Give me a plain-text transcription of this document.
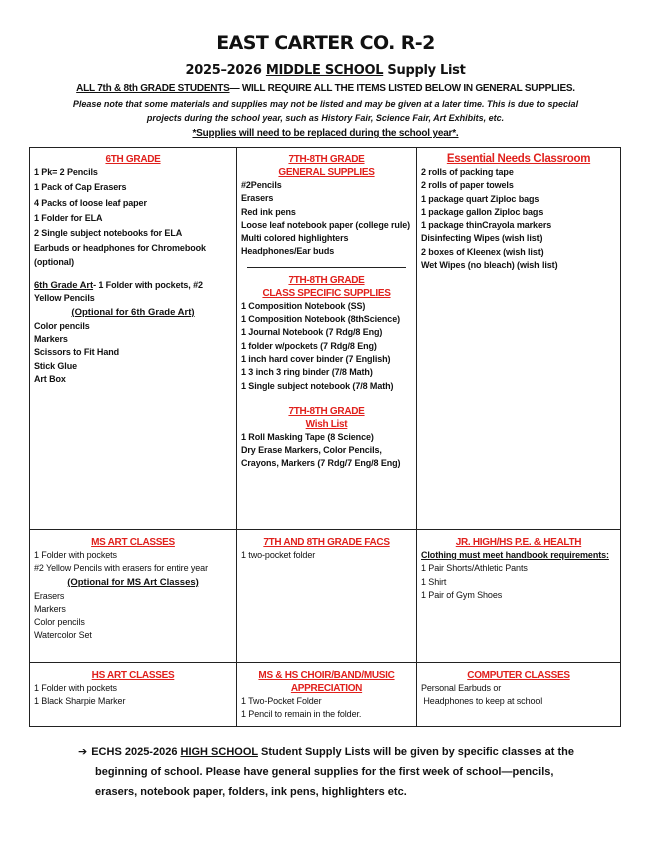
EAST CARTER CO. R-2
2025–2026 MIDDLE SCHOOL Supply List
ALL 7th & 8th GRADE STUDENTS— WILL REQUIRE ALL THE ITEMS LISTED BELOW IN GENERAL SUPPLIES.
Please note that some materials and supplies may not be listed and may be given at a later time. This is due to special projects during the school year, such as History Fair, Science Fair, Art Exhibits, etc.
*Supplies will need to be replaced during the school year*.
6TH GRADE
1 Pk= 2 Pencils
1 Pack of Cap Erasers
4 Packs of loose leaf paper
1 Folder for ELA
2 Single subject notebooks for ELA
Earbuds or headphones for Chromebook (optional)
6th Grade Art- 1 Folder with pockets, #2 Yellow Pencils
(Optional for 6th Grade Art)
Color pencils
Markers
Scissors to Fit Hand
Stick Glue
Art Box
7TH-8TH GRADE
GENERAL SUPPLIES
#2Pencils
Erasers
Red ink pens
Loose leaf notebook paper (college rule)
Multi colored highlighters
Headphones/Ear buds
7TH-8TH GRADE
CLASS SPECIFIC SUPPLIES
1 Composition Notebook (SS)
1 Composition Notebook (8thScience)
1 Journal Notebook (7 Rdg/8 Eng)
1 folder w/pockets (7 Rdg/8 Eng)
1 inch hard cover binder (7 English)
1 3 inch 3 ring binder (7/8 Math)
1 Single subject notebook (7/8 Math)
7TH-8TH GRADE
Wish List
1 Roll Masking Tape (8 Science)
Dry Erase Markers, Color Pencils, Crayons, Markers (7 Rdg/7 Eng/8 Eng)
Essential Needs Classroom
2 rolls of packing tape
2 rolls of paper towels
1 package quart Ziploc bags
1 package gallon Ziploc bags
1 package thinCrayola markers
Disinfecting Wipes (wish list)
2 boxes of Kleenex (wish list)
Wet Wipes (no bleach) (wish list)
MS ART CLASSES
1 Folder with pockets
#2 Yellow Pencils with erasers for entire year
(Optional for MS Art Classes)
Erasers
Markers
Color pencils
Watercolor Set
7TH AND 8TH GRADE FACS
1 two-pocket folder
JR. HIGH/HS P.E. & HEALTH
Clothing must meet handbook requirements:
1 Pair Shorts/Athletic Pants
1 Shirt
1 Pair of Gym Shoes
HS ART CLASSES
1 Folder with pockets
1 Black Sharpie Marker
MS & HS CHOIR/BAND/MUSIC
APPRECIATION
1 Two-Pocket Folder
1 Pencil to remain in the folder.
COMPUTER CLASSES
Personal Earbuds or
Headphones to keep at school
➔ ECHS 2025-2026 HIGH SCHOOL Student Supply Lists will be given by specific classes at the
beginning of school. Please have general supplies for the first week of school—pencils,
erasers, notebook paper, folders, ink pens, highlighters etc.
